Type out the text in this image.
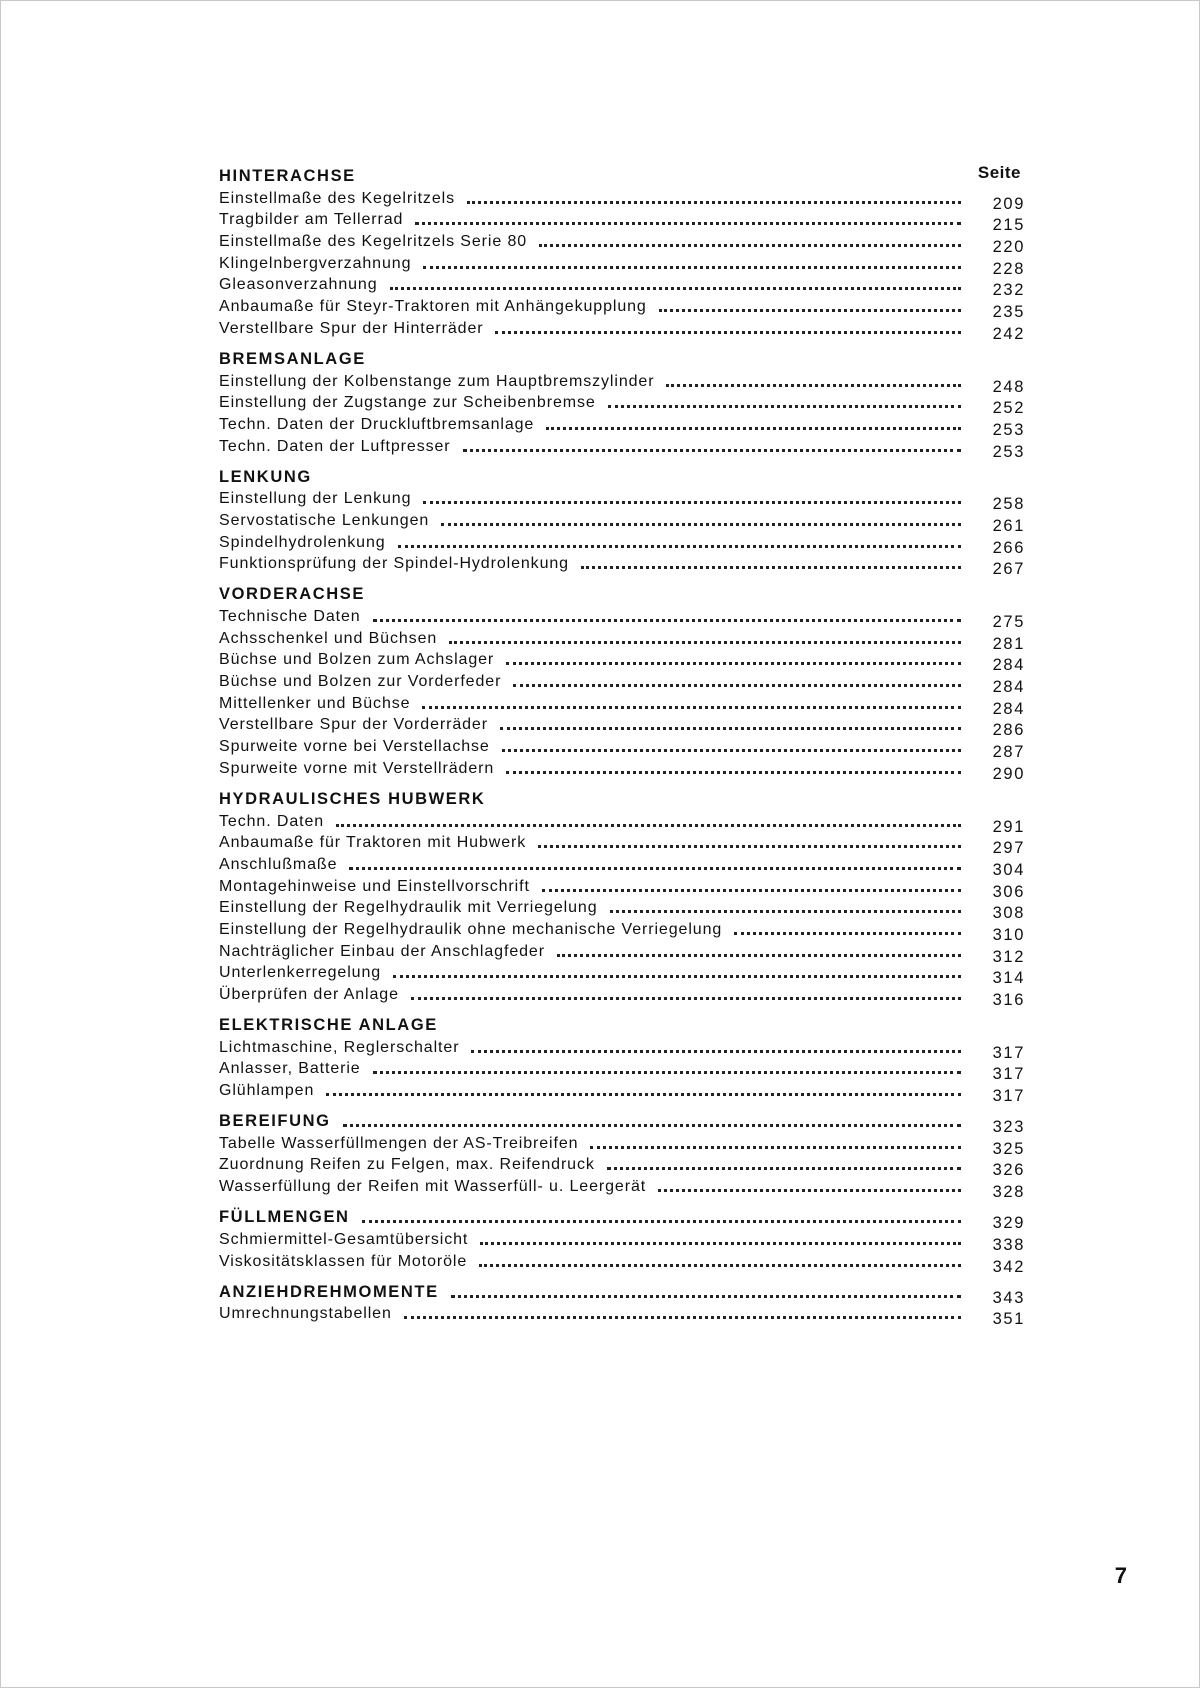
Seite
HINTERACHSE
Einstellmaße des Kegelritzels	209
Tragbilder am Tellerrad	215
Einstellmaße des Kegelritzels Serie 80	220
Klingelnbergverzahnung	228
Gleasonverzahnung	232
Anbaumaße für Steyr-Traktoren mit Anhängekupplung	235
Verstellbare Spur der Hinterräder	242
BREMSANLAGE
Einstellung der Kolbenstange zum Hauptbremszylinder	248
Einstellung der Zugstange zur Scheibenbremse	252
Techn. Daten der Druckluftbremsanlage	253
Techn. Daten der Luftpresser	253
LENKUNG
Einstellung der Lenkung	258
Servostatische Lenkungen	261
Spindelhydrolenkung	266
Funktionsprüfung der Spindel-Hydrolenkung	267
VORDERACHSE
Technische Daten	275
Achsschenkel und Büchsen	281
Büchse und Bolzen zum Achslager	284
Büchse und Bolzen zur Vorderfeder	284
Mittellenker und Büchse	284
Verstellbare Spur der Vorderräder	286
Spurweite vorne bei Verstellachse	287
Spurweite vorne mit Verstellrädern	290
HYDRAULISCHES HUBWERK
Techn. Daten	291
Anbaumaße für Traktoren mit Hubwerk	297
Anschlußmaße	304
Montagehinweise und Einstellvorschrift	306
Einstellung der Regelhydraulik mit Verriegelung	308
Einstellung der Regelhydraulik ohne mechanische Verriegelung	310
Nachträglicher Einbau der Anschlagfeder	312
Unterlenkerregelung	314
Überprüfen der Anlage	316
ELEKTRISCHE ANLAGE
Lichtmaschine, Reglerschalter	317
Anlasser, Batterie	317
Glühlampen	317
BEREIFUNG	323
Tabelle Wasserfüllmengen der AS-Treibreifen	325
Zuordnung Reifen zu Felgen, max. Reifendruck	326
Wasserfüllung der Reifen mit Wasserfüll- u. Leergerät	328
FÜLLMENGEN	329
Schmiermittel-Gesamtübersicht	338
Viskositätsklassen für Motoröle	342
ANZIEHDREHMOMENTE	343
Umrechnungstabellen	351
7
